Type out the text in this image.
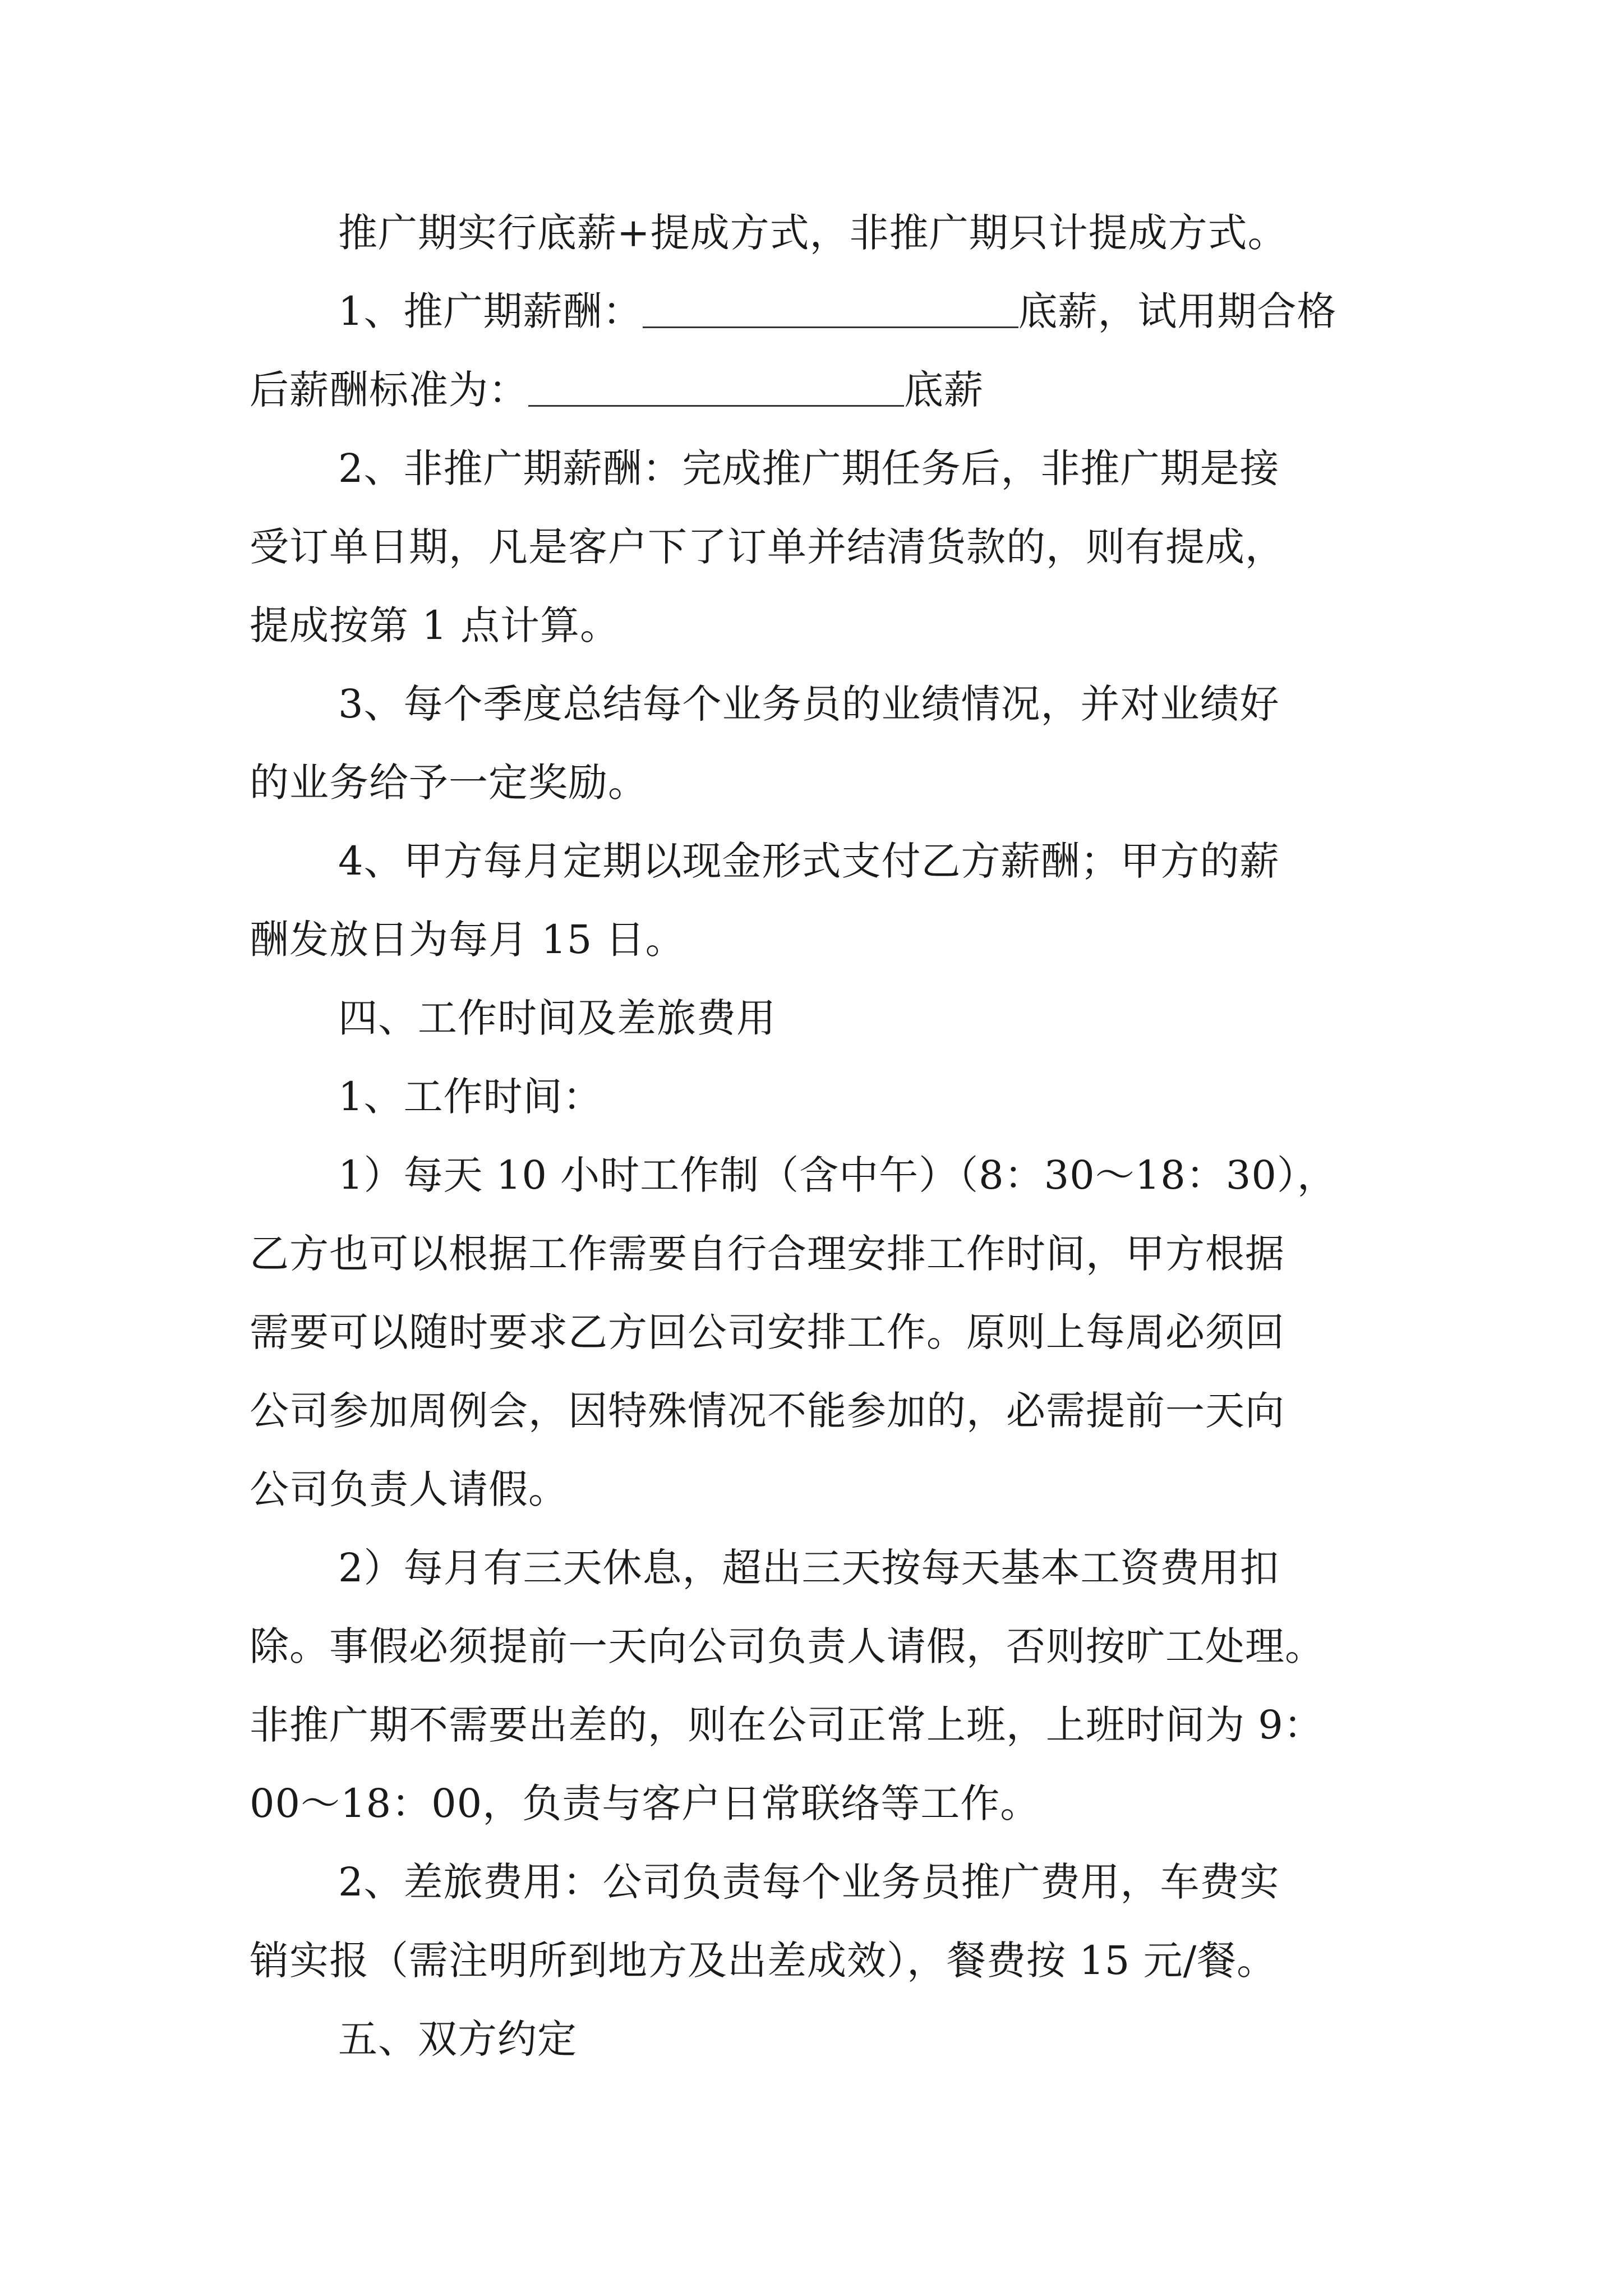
推广期实行底薪+提成方式，非推广期只计提成方式。
1、推广期薪酬：	底薪，试用期合格
后薪酬标准为：	底薪
2、非推广期薪酬：完成推广期任务后，非推广期是接
受订单日期，凡是客户下了订单并结清货款的，则有提成，
提成按第 1 点计算。
3、每个季度总结每个业务员的业绩情况，并对业绩好
的业务给予一定奖励。
4、甲方每月定期以现金形式支付乙方薪酬；甲方的薪
酬发放日为每月 15 日。
四、工作时间及差旅费用
1、工作时间：
1）每天 10 小时工作制（含中午）（8：30～18：30），
乙方也可以根据工作需要自行合理安排工作时间，甲方根据
需要可以随时要求乙方回公司安排工作。原则上每周必须回
公司参加周例会，因特殊情况不能参加的，必需提前一天向
公司负责人请假。
2）每月有三天休息，超出三天按每天基本工资费用扣
除。事假必须提前一天向公司负责人请假，否则按旷工处理。
非推广期不需要出差的，则在公司正常上班，上班时间为 9：
00～18：00，负责与客户日常联络等工作。
2、差旅费用：公司负责每个业务员推广费用，车费实
销实报（需注明所到地方及出差成效），餐费按 15 元/餐。
五、双方约定
